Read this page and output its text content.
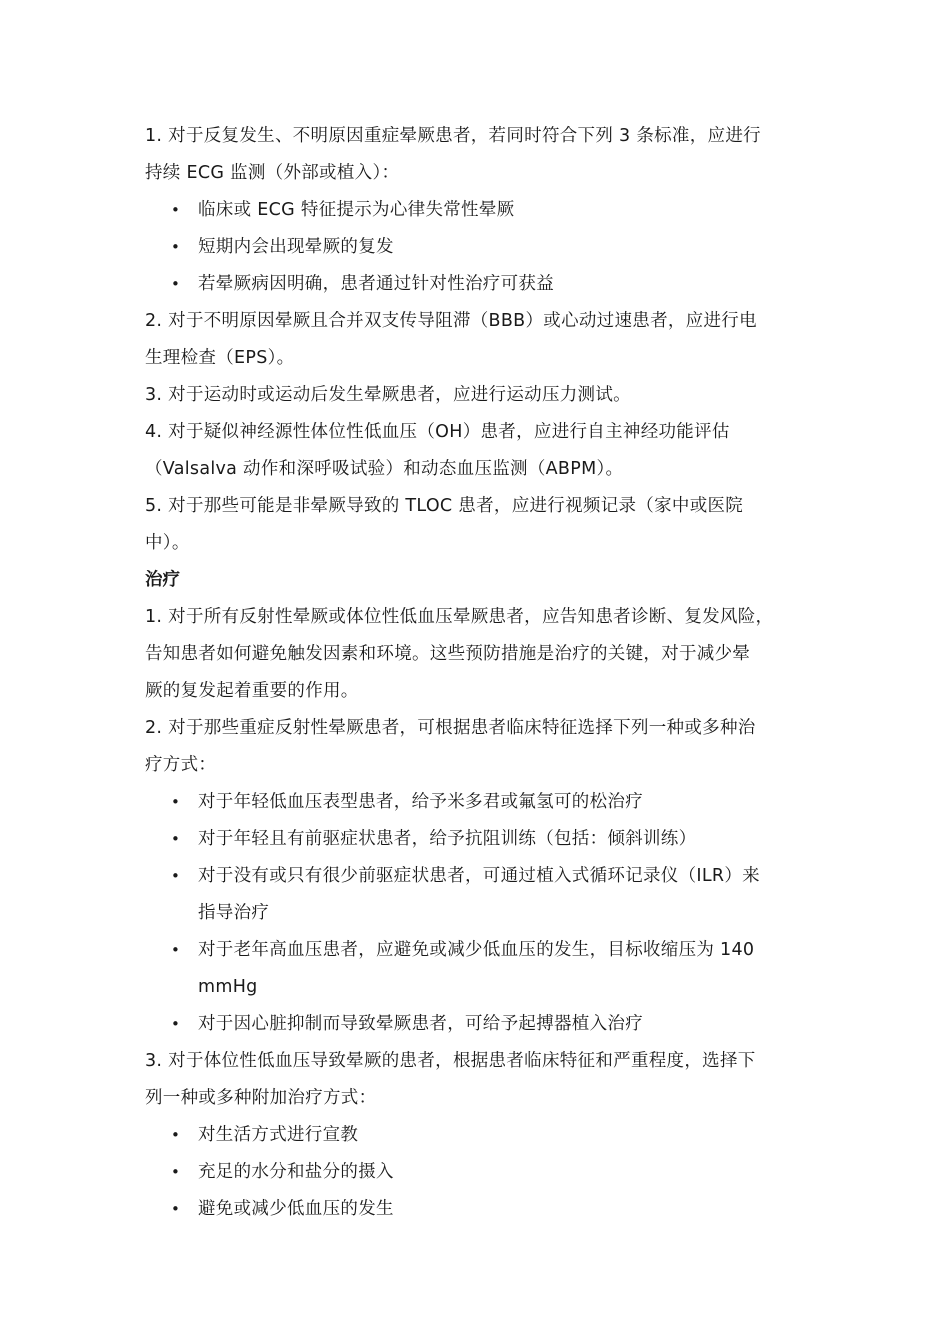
1. 对于反复发生、不明原因重症晕厥患者，若同时符合下列 3 条标准，应进行
持续 ECG 监测（外部或植入）：
• 临床或 ECG 特征提示为心律失常性晕厥
• 短期内会出现晕厥的复发
• 若晕厥病因明确，患者通过针对性治疗可获益
2. 对于不明原因晕厥且合并双支传导阻滞（BBB）或心动过速患者，应进行电
生理检查（EPS）。
3. 对于运动时或运动后发生晕厥患者，应进行运动压力测试。
4. 对于疑似神经源性体位性低血压（OH）患者，应进行自主神经功能评估
（Valsalva 动作和深呼吸试验）和动态血压监测（ABPM）。
5. 对于那些可能是非晕厥导致的 TLOC 患者，应进行视频记录（家中或医院
中）。
治疗
1. 对于所有反射性晕厥或体位性低血压晕厥患者，应告知患者诊断、复发风险，
告知患者如何避免触发因素和环境。这些预防措施是治疗的关键，对于减少晕
厥的复发起着重要的作用。
2. 对于那些重症反射性晕厥患者，可根据患者临床特征选择下列一种或多种治
疗方式：
• 对于年轻低血压表型患者，给予米多君或氟氢可的松治疗
• 对于年轻且有前驱症状患者，给予抗阻训练（包括：倾斜训练）
• 对于没有或只有很少前驱症状患者，可通过植入式循环记录仪（ILR）来
指导治疗
• 对于老年高血压患者，应避免或减少低血压的发生，目标收缩压为 140
mmHg
• 对于因心脏抑制而导致晕厥患者，可给予起搏器植入治疗
3. 对于体位性低血压导致晕厥的患者，根据患者临床特征和严重程度，选择下
列一种或多种附加治疗方式：
• 对生活方式进行宣教
• 充足的水分和盐分的摄入
• 避免或减少低血压的发生
